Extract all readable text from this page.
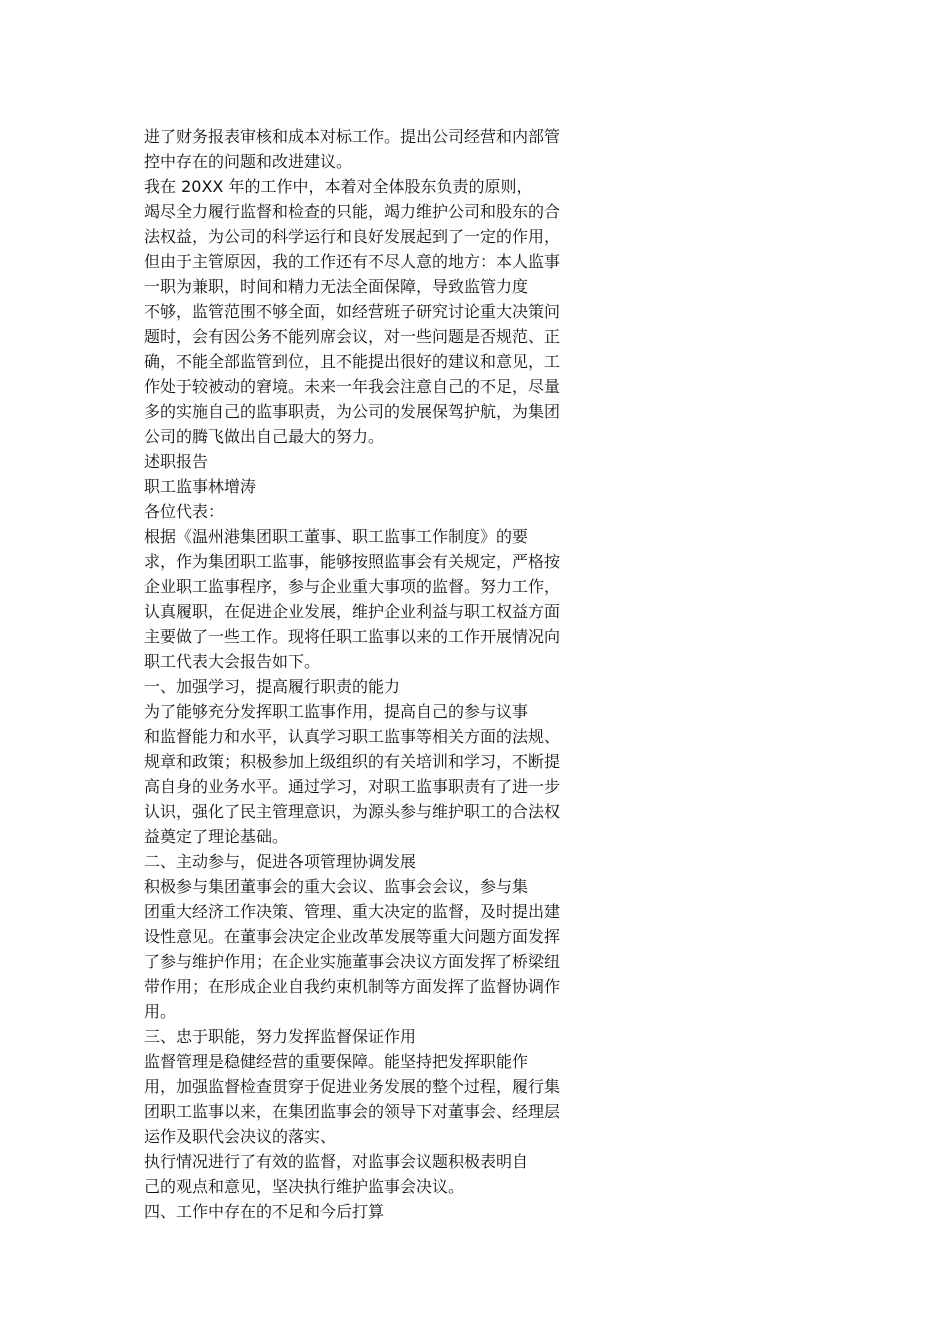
进了财务报表审核和成本对标工作。提出公司经营和内部管
控中存在的问题和改进建议。
我在 20XX 年的工作中，本着对全体股东负责的原则，
竭尽全力履行监督和检查的只能，竭力维护公司和股东的合
法权益，为公司的科学运行和良好发展起到了一定的作用，
但由于主管原因，我的工作还有不尽人意的地方：本人监事
一职为兼职，时间和精力无法全面保障，导致监管力度
不够，监管范围不够全面，如经营班子研究讨论重大决策问
题时，会有因公务不能列席会议，对一些问题是否规范、正
确，不能全部监管到位，且不能提出很好的建议和意见，工
作处于较被动的窘境。未来一年我会注意自己的不足，尽量
多的实施自己的监事职责，为公司的发展保驾护航，为集团
公司的腾飞做出自己最大的努力。
述职报告
职工监事林增涛
各位代表：
根据《温州港集团职工董事、职工监事工作制度》的要
求，作为集团职工监事，能够按照监事会有关规定，严格按
企业职工监事程序，参与企业重大事项的监督。努力工作，
认真履职，在促进企业发展，维护企业利益与职工权益方面
主要做了一些工作。现将任职工监事以来的工作开展情况向
职工代表大会报告如下。
一、加强学习，提高履行职责的能力
为了能够充分发挥职工监事作用，提高自己的参与议事
和监督能力和水平，认真学习职工监事等相关方面的法规、
规章和政策；积极参加上级组织的有关培训和学习，不断提
高自身的业务水平。通过学习，对职工监事职责有了进一步
认识，强化了民主管理意识，为源头参与维护职工的合法权
益奠定了理论基础。
二、主动参与，促进各项管理协调发展
积极参与集团董事会的重大会议、监事会会议，参与集
团重大经济工作决策、管理、重大决定的监督，及时提出建
设性意见。在董事会决定企业改革发展等重大问题方面发挥
了参与维护作用；在企业实施董事会决议方面发挥了桥梁纽
带作用；在形成企业自我约束机制等方面发挥了监督协调作
用。
三、忠于职能，努力发挥监督保证作用
监督管理是稳健经营的重要保障。能坚持把发挥职能作
用，加强监督检查贯穿于促进业务发展的整个过程，履行集
团职工监事以来，在集团监事会的领导下对董事会、经理层
运作及职代会决议的落实、
执行情况进行了有效的监督，对监事会议题积极表明自
己的观点和意见，坚决执行维护监事会决议。
四、工作中存在的不足和今后打算
